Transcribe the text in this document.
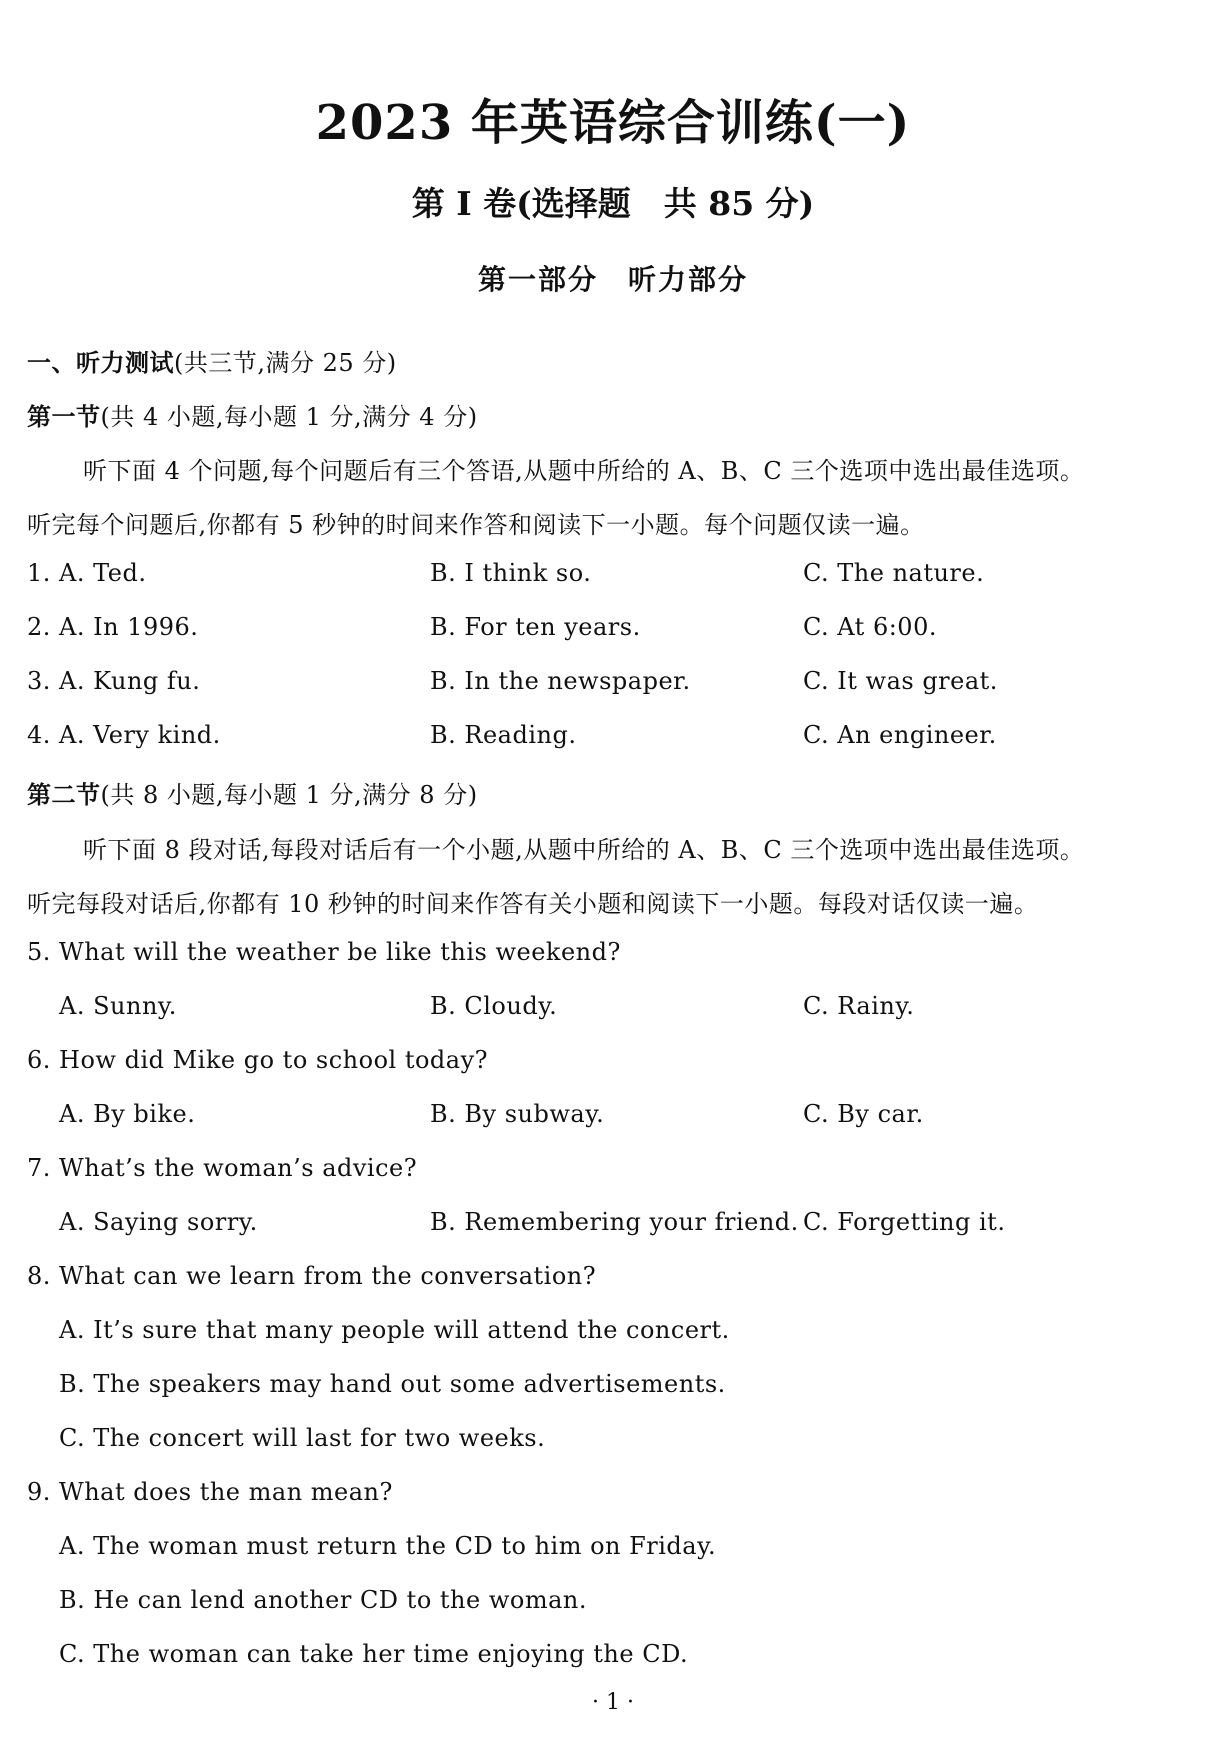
2023 年英语综合训练(一)
第 Ⅰ 卷(选择题　共 85 分)
第一部分　听力部分
一、听力测试(共三节,满分 25 分)
第一节(共 4 小题,每小题 1 分,满分 4 分)
听下面 4 个问题,每个问题后有三个答语,从题中所给的 A、B、C 三个选项中选出最佳选项。
听完每个问题后,你都有 5 秒钟的时间来作答和阅读下一小题。每个问题仅读一遍。
1. A. Ted.	B. I think so.	C. The nature.
2. A. In 1996.	B. For ten years.	C. At 6:00.
3. A. Kung fu.	B. In the newspaper.	C. It was great.
4. A. Very kind.	B. Reading.	C. An engineer.
第二节(共 8 小题,每小题 1 分,满分 8 分)
听下面 8 段对话,每段对话后有一个小题,从题中所给的 A、B、C 三个选项中选出最佳选项。
听完每段对话后,你都有 10 秒钟的时间来作答有关小题和阅读下一小题。每段对话仅读一遍。
5. What will the weather be like this weekend?
A. Sunny.	B. Cloudy.	C. Rainy.
6. How did Mike go to school today?
A. By bike.	B. By subway.	C. By car.
7. What’s the woman’s advice?
A. Saying sorry.	B. Remembering your friend. C. Forgetting it.
8. What can we learn from the conversation?
A. It’s sure that many people will attend the concert.
B. The speakers may hand out some advertisements.
C. The concert will last for two weeks.
9. What does the man mean?
A. The woman must return the CD to him on Friday.
B. He can lend another CD to the woman.
C. The woman can take her time enjoying the CD.
· 1 ·
